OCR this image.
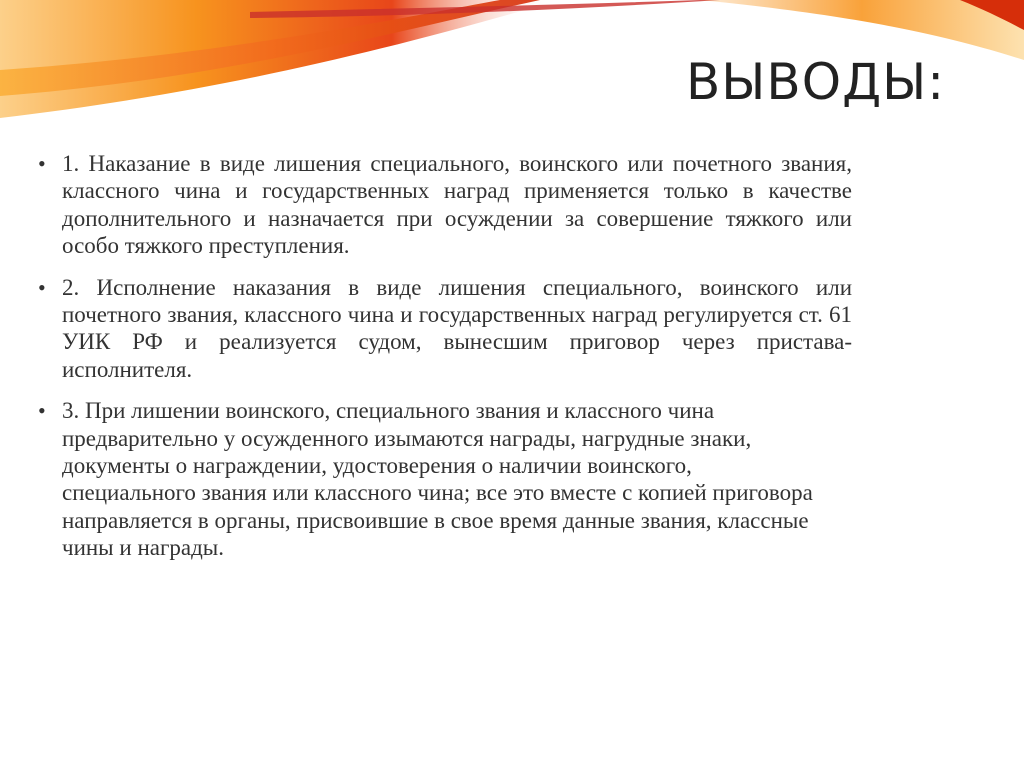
ВЫВОДЫ:
• 1. Наказание в виде лишения специального, воинского или почетного звания, классного чина и государственных наград применяется только в качестве дополнительного и назначается при осуждении за совершение тяжкого или особо тяжкого преступления.
• 2. Исполнение наказания в виде лишения специального, воинского или почетного звания, классного чина и государственных наград регулируется ст. 61 УИК РФ и реализуется судом, вынесшим приговор через пристава-исполнителя.
• 3. При лишении воинского, специального звания и классного чина предварительно у осужденного изымаются награды, нагрудные знаки, документы о награждении, удостоверения о наличии воинского, специального звания или классного чина; все это вместе с копией приговора направляется в органы, присвоившие в свое время данные звания, классные чины и награды.
